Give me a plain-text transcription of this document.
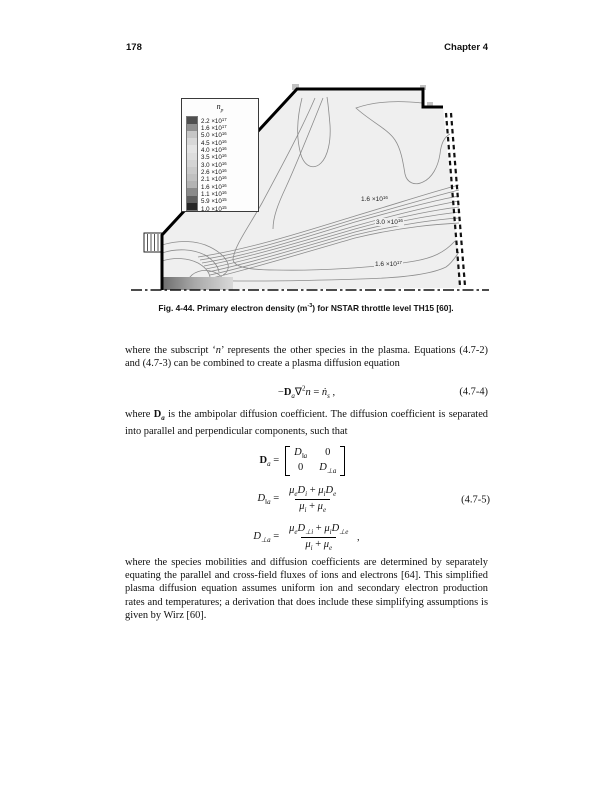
178	Chapter 4
$n_p$
$2.2 \times 10^{17}$
$1.6 \times 10^{17}$
$5.0 \times 10^{16}$
$4.5 \times 10^{16}$
$4.0 \times 10^{16}$
$3.5 \times 10^{16}$
$3.0 \times 10^{16}$
$2.6 \times 10^{16}$
$2.1 \times 10^{16}$
$1.6 \times 10^{16}$
$1.1 \times 10^{16}$
$5.9 \times 10^{15}$
$1.0 \times 10^{15}$
$1.6 \times 10^{16}$
$3.0 \times 10^{16}$
$1.6 \times 10^{17}$
Fig. 4-44. Primary electron density $(m^{-3})$ for NSTAR throttle level TH15 [60].
where the subscript ‘n’ represents the other species in the plasma. Equations (4.7-2) and (4.7-3) can be combined to create a plasma diffusion equation
$-D_a\nabla^2n$ = ṅ$_s$ ,	(4.7-4)
where $D_a$ is the ambipolar diffusion coefficient. The diffusion coefficient is separated into parallel and perpendicular components, such that
$D_a$ =
$D_{‖a}$	0
0	$D_{\perp a}$
$D_{‖a} = \frac{\mu_eD_i + \mu_iD_e}{\mu_i + \mu_e}$	(4.7-5)
$D_{\perp a} = \frac{\mu_eD_{\perp i} + \mu_iD_{\perp e}}{\mu_i + \mu_e}$ ,
where the species mobilities and diffusion coefficients are determined by separately equating the parallel and cross-field fluxes of ions and electrons [64]. This simplified plasma diffusion equation assumes uniform ion and secondary electron production rates and temperatures; a derivation that does include these simplifying assumptions is given by Wirz [60].
